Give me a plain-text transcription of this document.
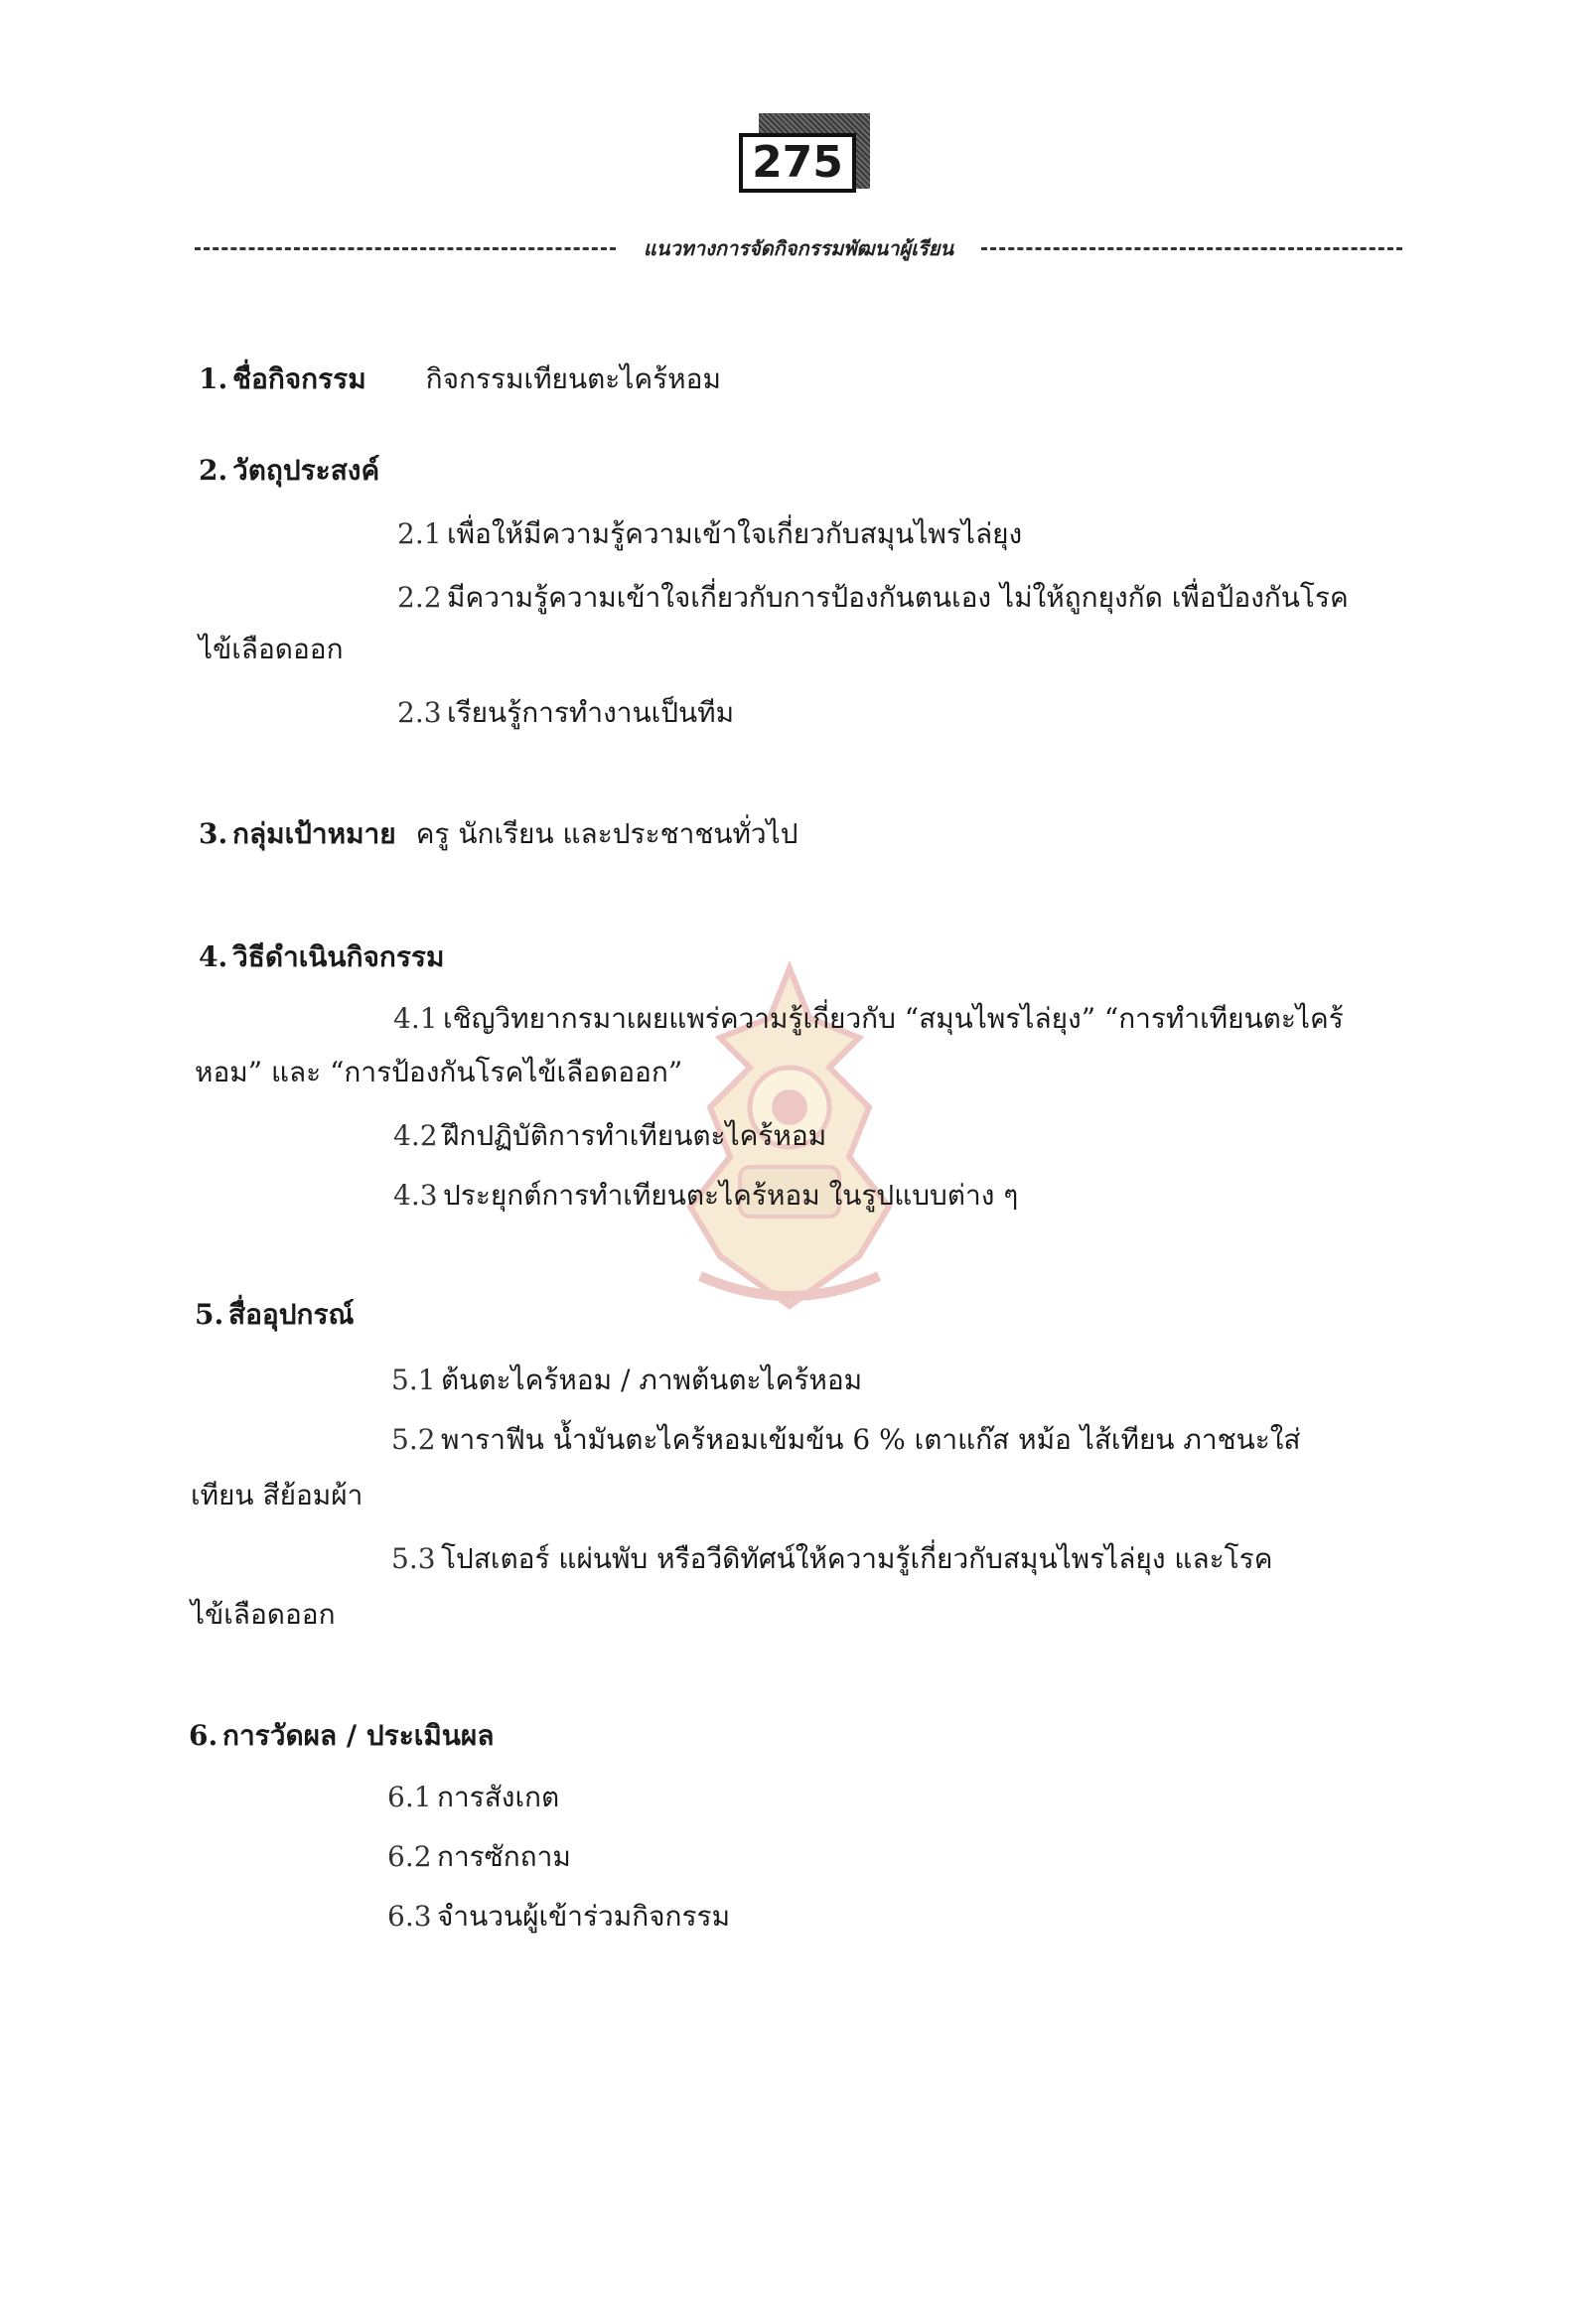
275
แนวทางการจัดกิจกรรมพัฒนาผู้เรียน
1. ชื่อกิจกรรม กิจกรรมเทียนตะไคร้หอม
2. วัตถุประสงค์
2.1 เพื่อให้มีความรู้ความเข้าใจเกี่ยวกับสมุนไพรไล่ยุง
2.2 มีความรู้ความเข้าใจเกี่ยวกับการป้องกันตนเอง ไม่ให้ถูกยุงกัด เพื่อป้องกันโรค
ไข้เลือดออก
2.3 เรียนรู้การทำงานเป็นทีม
3. กลุ่มเป้าหมาย ครู นักเรียน และประชาชนทั่วไป
4. วิธีดำเนินกิจกรรม
4.1 เชิญวิทยากรมาเผยแพร่ความรู้เกี่ยวกับ “สมุนไพรไล่ยุง” “การทำเทียนตะไคร้
หอม” และ “การป้องกันโรคไข้เลือดออก”
4.2 ฝึกปฏิบัติการทำเทียนตะไคร้หอม
4.3 ประยุกต์การทำเทียนตะไคร้หอม ในรูปแบบต่าง ๆ
5. สื่ออุปกรณ์
5.1 ต้นตะไคร้หอม / ภาพต้นตะไคร้หอม
5.2 พาราฟีน น้ำมันตะไคร้หอมเข้มข้น 6 % เตาแก๊ส หม้อ ไส้เทียน ภาชนะใส่
เทียน สีย้อมผ้า
5.3 โปสเตอร์ แผ่นพับ หรือวีดิทัศน์ให้ความรู้เกี่ยวกับสมุนไพรไล่ยุง และโรค
ไข้เลือดออก
6. การวัดผล / ประเมินผล
6.1 การสังเกต
6.2 การซักถาม
6.3 จำนวนผู้เข้าร่วมกิจกรรม
